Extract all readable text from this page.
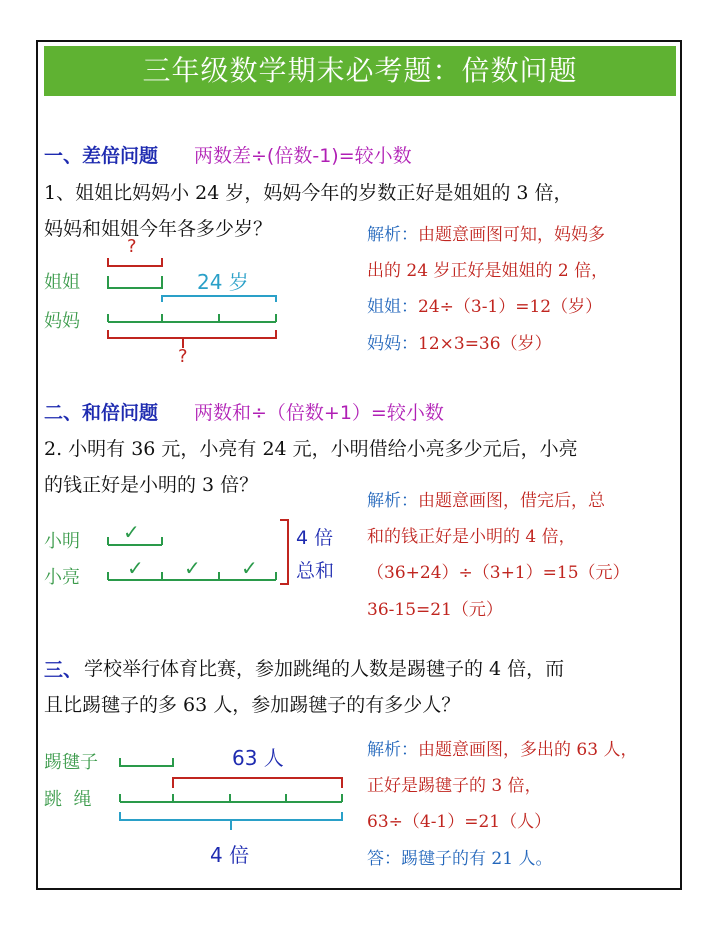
三年级数学期末必考题：倍数问题
一、差倍问题 两数差÷(倍数-1)=较小数
1、姐姐比妈妈小 24 岁，妈妈今年的岁数正好是姐姐的 3 倍，
妈妈和姐姐今年各多少岁？
姐姐
妈妈
?
24 岁
?
解析：由题意画图可知，妈妈多
出的 24 岁正好是姐姐的 2 倍，
姐姐：24÷（3-1）=12（岁）
妈妈：12×3=36（岁）
二、和倍问题 两数和÷（倍数+1）=较小数
2. 小明有 36 元，小亮有 24 元，小明借给小亮多少元后，小亮
的钱正好是小明的 3 倍？
小明
小亮
✓
✓ ✓ ✓
4 倍
总和
解析：由题意画图，借完后，总
和的钱正好是小明的 4 倍，
（36+24）÷（3+1）=15（元）
36-15=21（元）
三、 学校举行体育比赛，参加跳绳的人数是踢毽子的 4 倍，而
且比踢毽子的多 63 人，参加踢毽子的有多少人？
踢毽子
跳  绳
63 人
4 倍
解析：由题意画图，多出的 63 人，
正好是踢毽子的 3 倍，
63÷（4-1）=21（人）
答：踢毽子的有 21 人。
